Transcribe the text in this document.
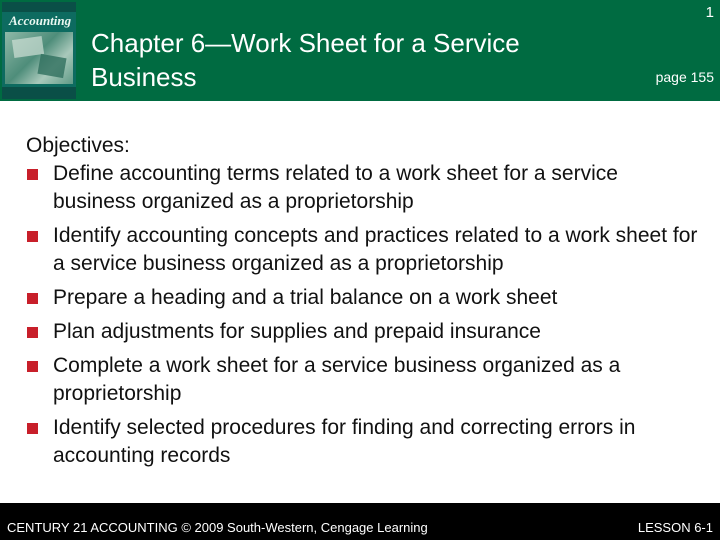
Accounting	1
Chapter 6—Work Sheet for a Service Business	page 155

Objectives:

Define accounting terms related to a work sheet for a service business organized as a proprietorship
Identify accounting concepts and practices related to a work sheet for a service business organized as a proprietorship
Prepare a heading and a trial balance on a work sheet
Plan adjustments for supplies and prepaid insurance
Complete a work sheet for a service business organized as a proprietorship
Identify selected procedures for finding and correcting errors in accounting records
CENTURY 21 ACCOUNTING © 2009 South-Western, Cengage Learning	LESSON 6-1
